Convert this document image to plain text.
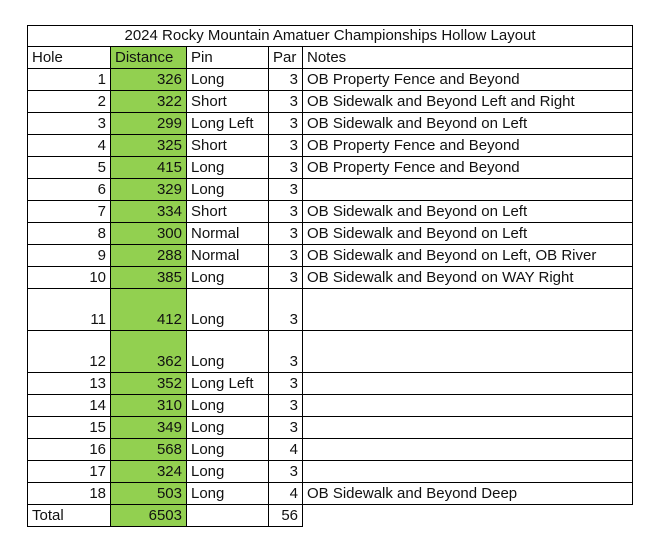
2024 Rocky Mountain Amatuer Championships Hollow Layout				
Hole	Distance	Pin	Par	Notes
1	326	Long	3	OB Property Fence and Beyond
2	322	Short	3	OB Sidewalk and Beyond Left and Right
3	299	Long Left	3	OB Sidewalk and Beyond on Left
4	325	Short	3	OB Property Fence and Beyond
5	415	Long	3	OB Property Fence and Beyond
6	329	Long	3	
7	334	Short	3	OB Sidewalk and Beyond on Left
8	300	Normal	3	OB Sidewalk and Beyond on Left
9	288	Normal	3	OB Sidewalk and Beyond on Left, OB River
10	385	Long	3	OB Sidewalk and Beyond on WAY Right
11	412	Long	3	
12	362	Long	3	
13	352	Long Left	3	
14	310	Long	3	
15	349	Long	3	
16	568	Long	4	
17	324	Long	3	
18	503	Long	4	OB Sidewalk and Beyond Deep
Total	6503		56	
